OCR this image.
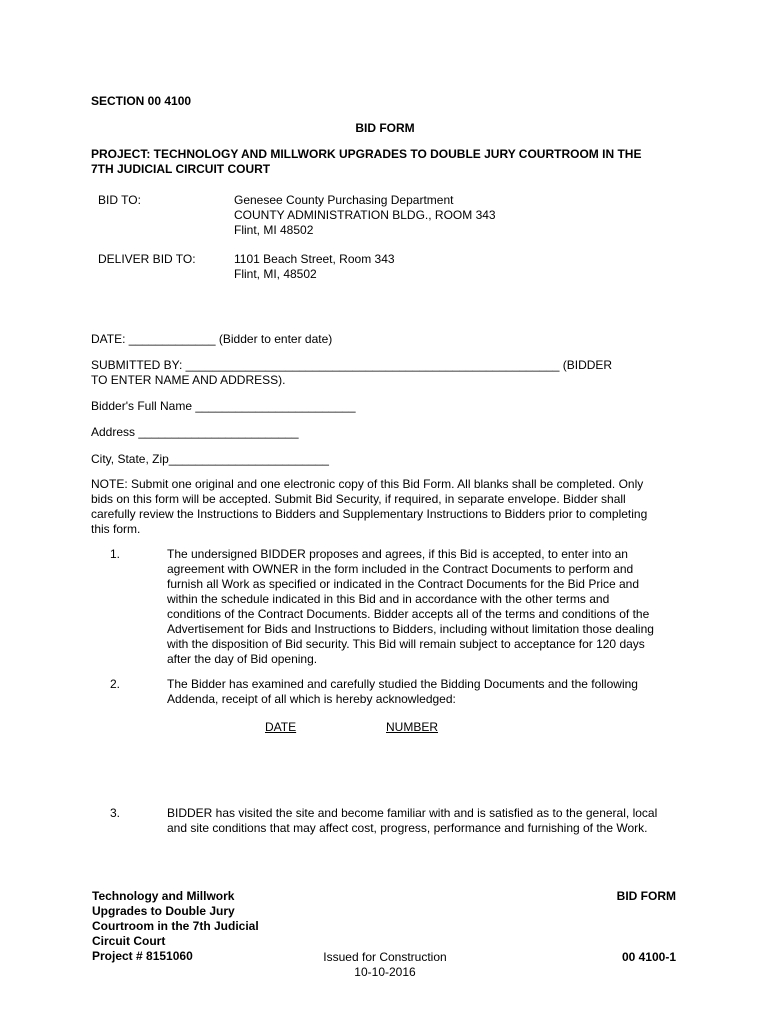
SECTION 00 4100
BID FORM
PROJECT: TECHNOLOGY AND MILLWORK UPGRADES TO DOUBLE JURY COURTROOM IN THE
7TH JUDICIAL CIRCUIT COURT
BID TO:	Genesee County Purchasing Department
COUNTY ADMINISTRATION BLDG., ROOM 343
Flint, MI 48502
DELIVER BID TO:	1101 Beach Street, Room 343
Flint, MI, 48502
DATE: _____________ (Bidder to enter date)
SUBMITTED BY: ________________________________________________________ (BIDDER
TO ENTER NAME AND ADDRESS).
Bidder's Full Name ________________________
Address ________________________
City, State, Zip________________________
NOTE: Submit one original and one electronic copy of this Bid Form. All blanks shall be completed. Only
bids on this form will be accepted. Submit Bid Security, if required, in separate envelope. Bidder shall
carefully review the Instructions to Bidders and Supplementary Instructions to Bidders prior to completing
this form.
1.	The undersigned BIDDER proposes and agrees, if this Bid is accepted, to enter into an
agreement with OWNER in the form included in the Contract Documents to perform and
furnish all Work as specified or indicated in the Contract Documents for the Bid Price and
within the schedule indicated in this Bid and in accordance with the other terms and
conditions of the Contract Documents. Bidder accepts all of the terms and conditions of the
Advertisement for Bids and Instructions to Bidders, including without limitation those dealing
with the disposition of Bid security. This Bid will remain subject to acceptance for 120 days
after the day of Bid opening.
2.	The Bidder has examined and carefully studied the Bidding Documents and the following
Addenda, receipt of all which is hereby acknowledged:
DATE	NUMBER
3.	BIDDER has visited the site and become familiar with and is satisfied as to the general, local
and site conditions that may affect cost, progress, performance and furnishing of the Work.
Technology and Millwork
Upgrades to Double Jury
Courtroom in the 7th Judicial
Circuit Court
Project # 8151060	Issued for Construction
10-10-2016
BID FORM
00 4100-1
